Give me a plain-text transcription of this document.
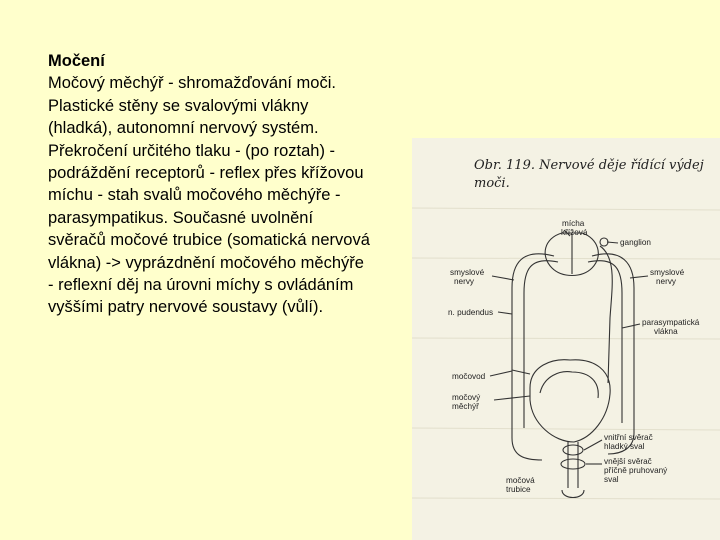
Močení
Močový měchýř - shromažďování moči.
Plastické stěny se svalovými vlákny
(hladká), autonomní nervový systém.
Překročení určitého tlaku - (po roztah) -
podráždění receptorů - reflex přes křížovou
míchu - stah svalů močového měchýře -
parasympatikus. Současné uvolnění
svěračů močové trubice (somatická nervová
vlákna) -> vyprázdnění močového měchýře
- reflexní děj na úrovni míchy s ovládáním
vyššími patry nervové soustavy (vůlí).
Obr. 119. Nervové děje řídící výdej
moči.
mícha
křížová
ganglion
smyslové
nervy
smyslové
nervy
n. pudendus
parasympatická
vlákna
močovod
močový
měchýř
vnitřní svěrač
hladký sval
vnější svěrač
příčně pruhovaný
sval
močová
trubice
